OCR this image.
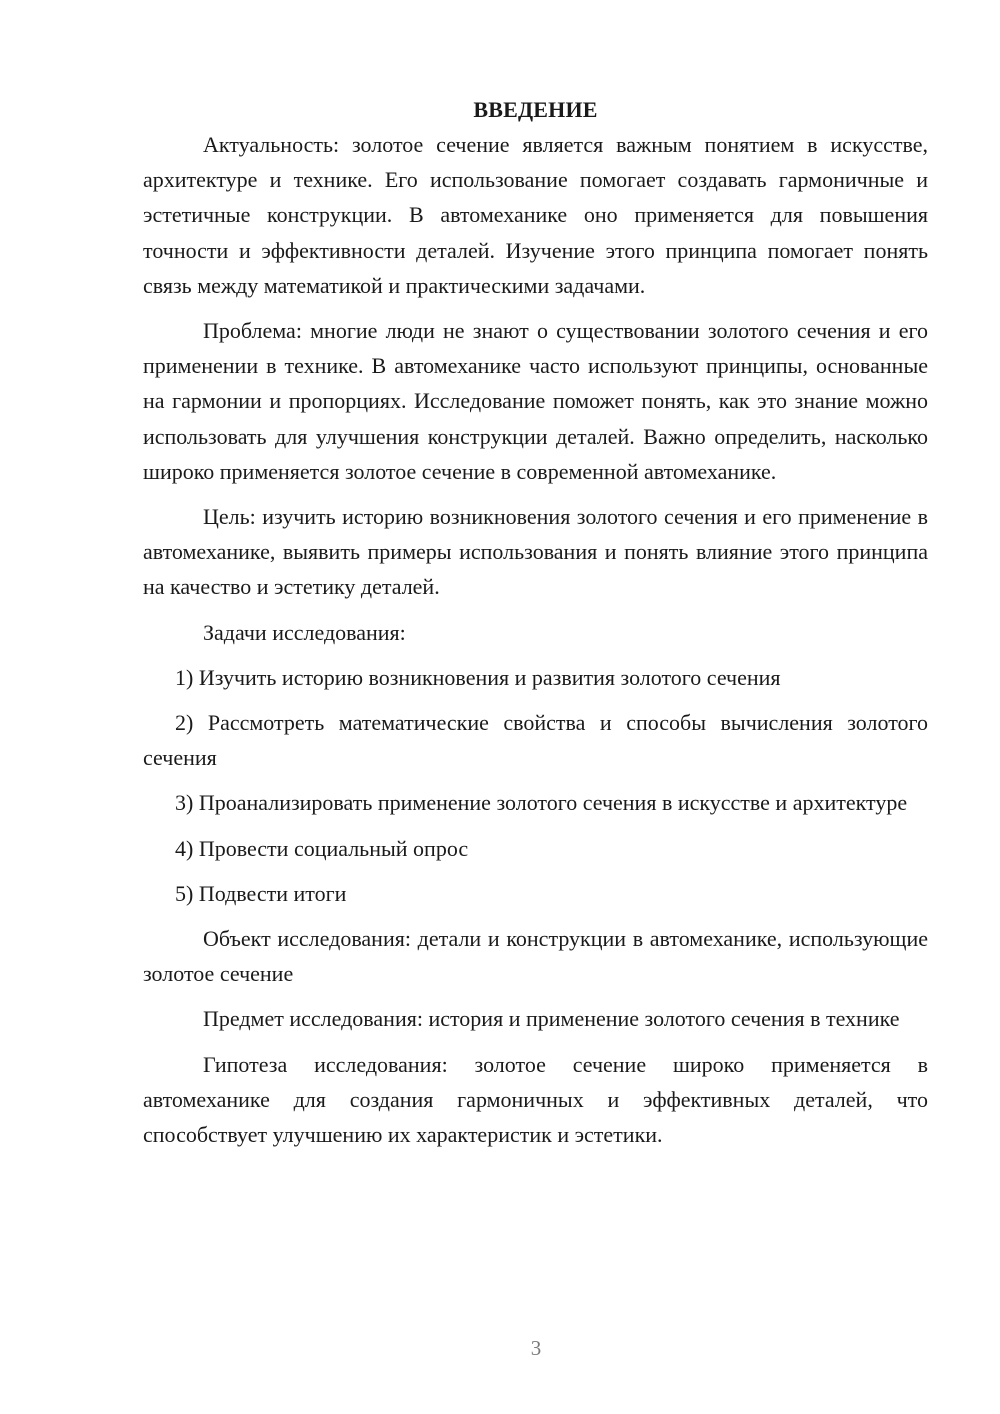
ВВЕДЕНИЕ

Актуальность: золотое сечение является важным понятием в искусстве, архитектуре и технике. Его использование помогает создавать гармоничные и эстетичные конструкции. В автомеханике оно применяется для повышения точности и эффективности деталей. Изучение этого принципа помогает понять связь между математикой и практическими задачами.

Проблема: многие люди не знают о существовании золотого сечения и его применении в технике. В автомеханике часто используют принципы, основанные на гармонии и пропорциях. Исследование поможет понять, как это знание можно использовать для улучшения конструкции деталей. Важно определить, насколько широко применяется золотое сечение в современной автомеханике.

Цель: изучить историю возникновения золотого сечения и его применение в автомеханике, выявить примеры использования и понять влияние этого принципа на качество и эстетику деталей.

Задачи исследования:

1) Изучить историю возникновения и развития золотого сечения

2) Рассмотреть математические свойства и способы вычисления золотого сечения

3) Проанализировать применение золотого сечения в искусстве и архитектуре

4) Провести социальный опрос

5) Подвести итоги

Объект исследования: детали и конструкции в автомеханике, использующие золотое сечение

Предмет исследования: история и применение золотого сечения в технике

Гипотеза исследования: золотое сечение широко применяется в автомеханике для создания гармоничных и эффективных деталей, что способствует улучшению их характеристик и эстетики.

3
